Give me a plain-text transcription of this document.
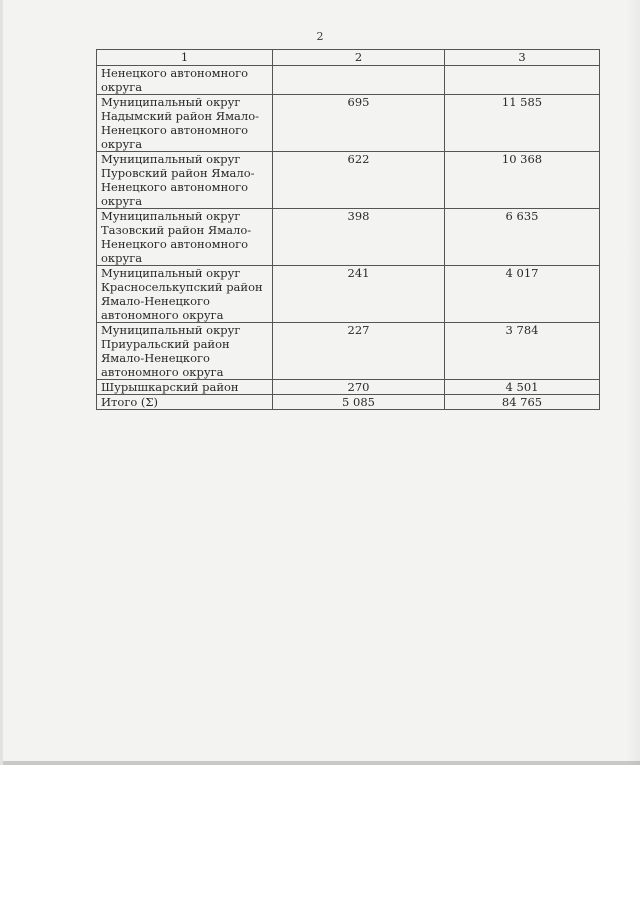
2
1	2	3
Ненецкого автономного
округа		
Муниципальный округ
Надымский район Ямало-
Ненецкого автономного
округа	695	11 585
Муниципальный округ
Пуровский район Ямало-
Ненецкого автономного
округа	622	10 368
Муниципальный округ
Тазовский район Ямало-
Ненецкого автономного
округа	398	6 635
Муниципальный округ
Красноселькупский район
Ямало-Ненецкого
автономного округа	241	4 017
Муниципальный округ
Приуральский район
Ямало-Ненецкого
автономного округа	227	3 784
Шурышкарский район	270	4 501
Итого (Σ)	5 085	84 765
